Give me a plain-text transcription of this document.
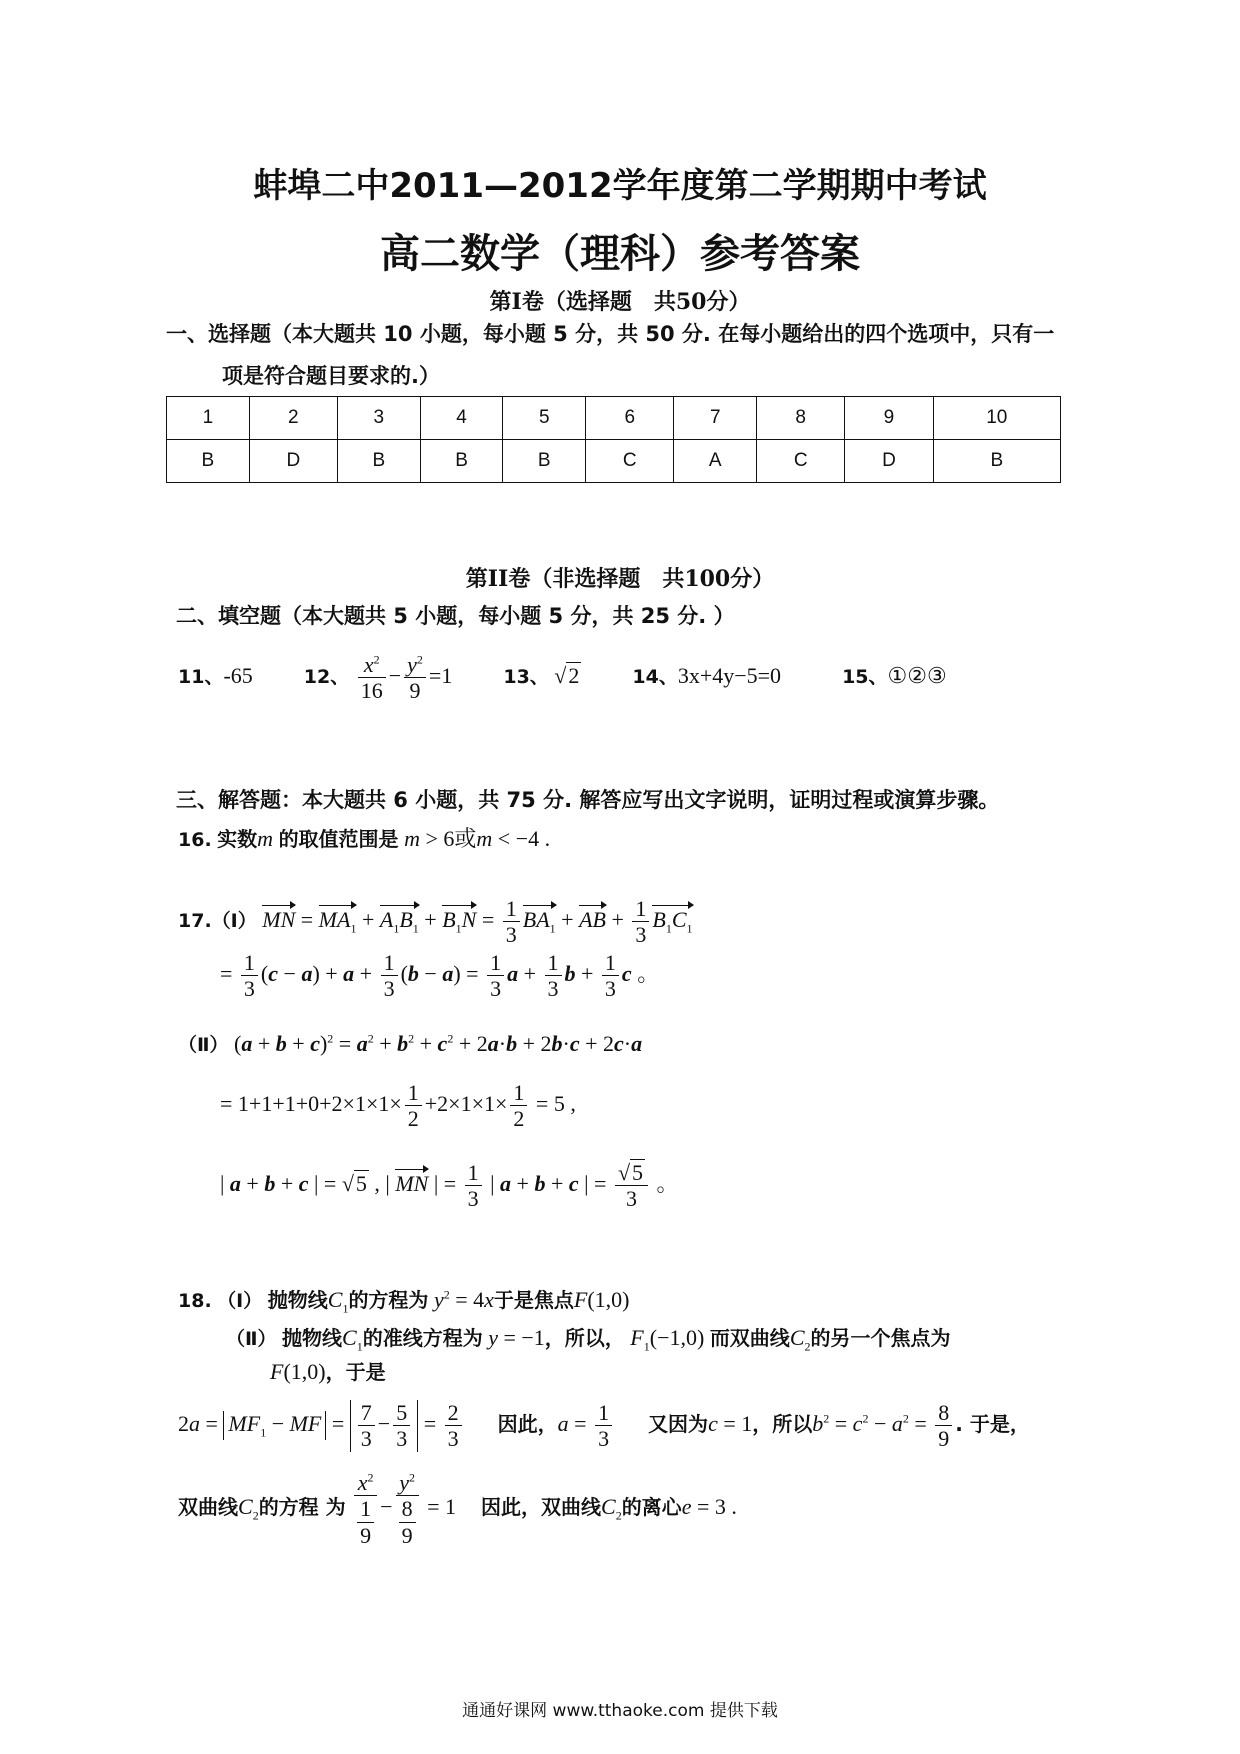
蚌埠二中2011—2012学年度第二学期期中考试
高二数学（理科）参考答案
第Ⅰ卷（选择题　共50分）
一、选择题（本大题共 10 小题，每小题 5 分，共 50 分. 在每小题给出的四个选项中，只有一
项是符合题目要求的.）
1	2	3	4	5	6	7	8	9	10
B	D	B	B	B	C	A	C	D	B
第II卷（非选择题　共100分）
二、填空题（本大题共 5 小题，每小题 5 分，共 25 分. ）
11、-65	12、 $\frac{x^2}{16} - \frac{y^2}{9} =1$  13、 √2	14、3x+4y−5=0	15、①②③
三、解答题：本大题共 6 小题，共 75 分. 解答应写出文字说明，证明过程或演算步骤。
16. 实数m 的取值范围是 m > 6或m < −4 .
17.（Ⅰ） MN = $MA_1 + A_1B_1 + B_1N = \frac{1}{3} BA_1$ + AB + $\frac{1}{3} B_1C_1$
= $\frac{1}{3} (c - a) + a + \frac{1}{3} (b - a) = \frac{1}{3}$ $a + \frac{1}{3}$ $b + \frac{1}{3}$ c 。
（Ⅱ） $(a + b + c)^2 = a^2 + b^2 + c^2 + 2a\cdot b + 2b\cdot c + 2c\cdot a$
= $1+1+1+0+2\times 1\times 1\times \frac{1}{2} +2\times 1\times 1\times \frac{1}{2} = 5$ ,
| a + b + c | = √5 , | MN | = $\frac{1}{3}$ | a + b + c | = $\frac{√5}{3}$ 。
18. （Ⅰ） 抛物线$C_1$的方程为 $y^2 = 4x$于是焦点F(1,0)
（Ⅱ） 抛物线$C_1$的准线方程为 y = −1，所以， $F_1(-1,0)$ 而双曲线$C_2$的另一个焦点为
F(1,0)，于是
$2a = MF_1$ − MF = $\frac{7}{3} - \frac{5}{3} = \frac{2}{3}$ 因此，$a = \frac{1}{3}$ 又因为c = 1，所以$b^2 = c^2 - a^2 = \frac{8}{9}$ . 于是，
双曲线$C_2$的方程 为 $\frac{x^2}{\frac{1}{9}} - \frac{y^2}{\frac{8}{9}} = 1$  因此，双曲线$C_2$的离心e = 3 .
通通好课网 www.tthaoke.com 提供下载
